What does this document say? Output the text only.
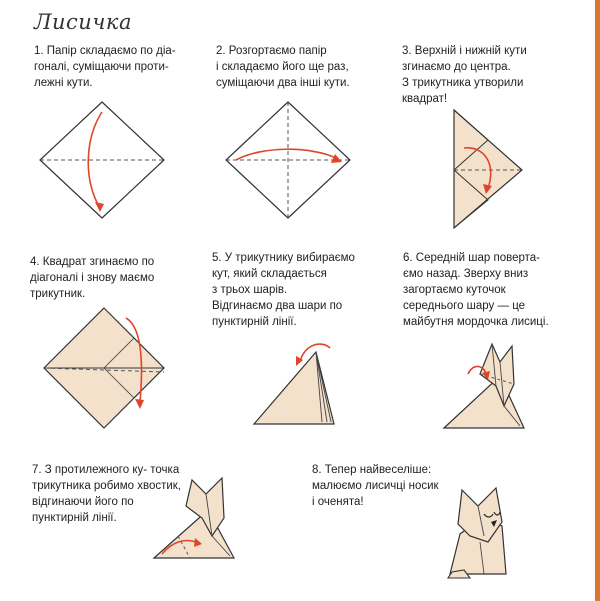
Лисичка
1. Папір складаємо по діа-
гоналі, суміщаючи проти-
лежні кути.
2. Розгортаємо папір
і складаємо його ще раз,
суміщаючи два інші кути.
3. Верхній і нижній кути
згинаємо до центра.
З трикутника утворили
квадрат!
4. Квадрат згинаємо по
діагоналі і знову маємо
трикутник.
5. У трикутнику вибираємо
кут, який складається
з трьох шарів.
Відгинаємо два шари по
пунктирній лінії.
6. Середній шар поверта-
ємо назад. Зверху вниз
загортаємо куточок
середнього шару — це
майбутня мордочка лисиці.
7. З протилежного ку- точка трикутника робимо хвостик, відгинаючи його по пунктирній лінії.
8. Тепер найвеселіше:
малюємо лисичці носик
і оченята!
